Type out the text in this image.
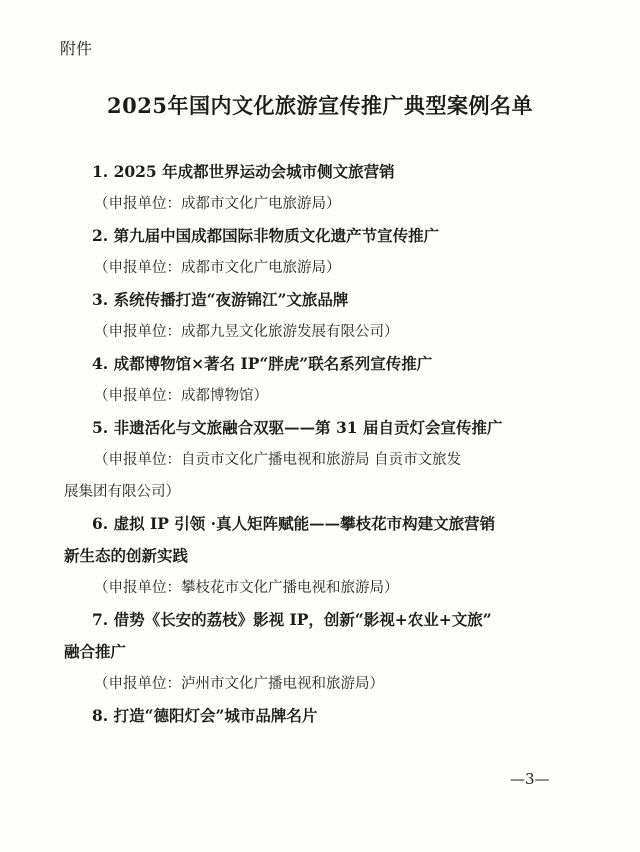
附件
2025年国内文化旅游宣传推广典型案例名单
1. 2025 年成都世界运动会城市侧文旅营销
（申报单位：成都市文化广电旅游局）
2. 第九届中国成都国际非物质文化遗产节宣传推广
（申报单位：成都市文化广电旅游局）
3. 系统传播打造“夜游锦江”文旅品牌
（申报单位：成都九昱文化旅游发展有限公司）
4. 成都博物馆×著名 IP“胖虎”联名系列宣传推广
（申报单位：成都博物馆）
5. 非遗活化与文旅融合双驱——第 31 届自贡灯会宣传推广
（申报单位：自贡市文化广播电视和旅游局 自贡市文旅发
展集团有限公司）
6. 虚拟 IP 引领 ·真人矩阵赋能——攀枝花市构建文旅营销
新生态的创新实践
（申报单位：攀枝花市文化广播电视和旅游局）
7. 借势《长安的荔枝》影视 IP，创新“影视+农业+文旅”
融合推广
（申报单位：泸州市文化广播电视和旅游局）
8. 打造“德阳灯会”城市品牌名片
—3—
